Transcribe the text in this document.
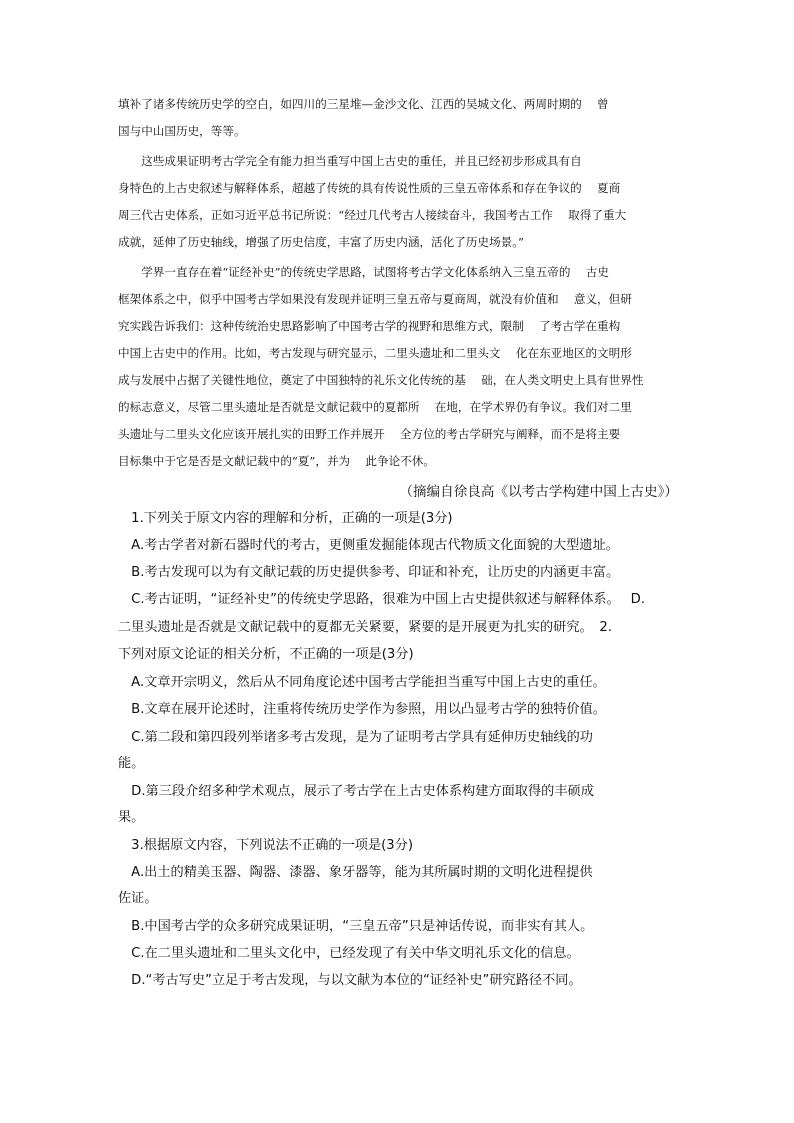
填补了诸多传统历史学的空白，如四川的三星堆—金沙文化、江西的吴城文化、两周时期的　 曾

国与中山国历史，等等。

　　这些成果证明考古学完全有能力担当重写中国上古史的重任，并且已经初步形成具有自

身特色的上古史叙述与解释体系，超越了传统的具有传说性质的三皇五帝体系和存在争议的　 夏商

周三代古史体系，正如习近平总书记所说：“经过几代考古人接续奋斗，我国考古工作　 取得了重大

成就，延伸了历史轴线，增强了历史信度，丰富了历史内涵，活化了历史场景。”

　　学界一直存在着“证经补史”的传统史学思路，试图将考古学文化体系纳入三皇五帝的　 古史

框架体系之中，似乎中国考古学如果没有发现并证明三皇五帝与夏商周，就没有价值和　 意义，但研

究实践告诉我们：这种传统治史思路影响了中国考古学的视野和思维方式，限制　 了考古学在重构

中国上古史中的作用。比如，考古发现与研究显示，二里头遗址和二里头文　 化在东亚地区的文明形

成与发展中占据了关键性地位，奠定了中国独特的礼乐文化传统的基　 础，在人类文明史上具有世界性

的标志意义，尽管二里头遗址是否就是文献记载中的夏都所　 在地，在学术界仍有争议。我们对二里

头遗址与二里头文化应该开展扎实的田野工作并展开　 全方位的考古学研究与阐释，而不是将主要

目标集中于它是否是文献记载中的“夏”，并为　 此争论不休。

（摘编自徐良高《以考古学构建中国上古史》）

　1.下列关于原文内容的理解和分析，正确的一项是(3分)

　A.考古学者对新石器时代的考古，更侧重发掘能体现古代物质文化面貌的大型遗址。

　B.考古发现可以为有文献记载的历史提供参考、印证和补充，让历史的内涵更丰富。

　C.考古证明，“证经补史”的传统史学思路，很难为中国上古史提供叙述与解释体系。　 D.

二里头遗址是否就是文献记载中的夏都无关紧要，紧要的是开展更为扎实的研究。　2.

下列对原文论证的相关分析，不正确的一项是(3分)

　A.文章开宗明义，然后从不同角度论述中国考古学能担当重写中国上古史的重任。

　B.文章在展开论述时，注重将传统历史学作为参照，用以凸显考古学的独特价值。

　C.第二段和第四段列举诸多考古发现，是为了证明考古学具有延伸历史轴线的功

能。

　D.第三段介绍多种学术观点，展示了考古学在上古史体系构建方面取得的丰硕成

果。

　3.根据原文内容，下列说法不正确的一项是(3分)

　A.出土的精美玉器、陶器、漆器、象牙器等，能为其所属时期的文明化进程提供

佐证。

　B.中国考古学的众多研究成果证明，“三皇五帝”只是神话传说，而非实有其人。

　C.在二里头遗址和二里头文化中，已经发现了有关中华文明礼乐文化的信息。

　D.“考古写史”立足于考古发现，与以文献为本位的“证经补史”研究路径不同。
